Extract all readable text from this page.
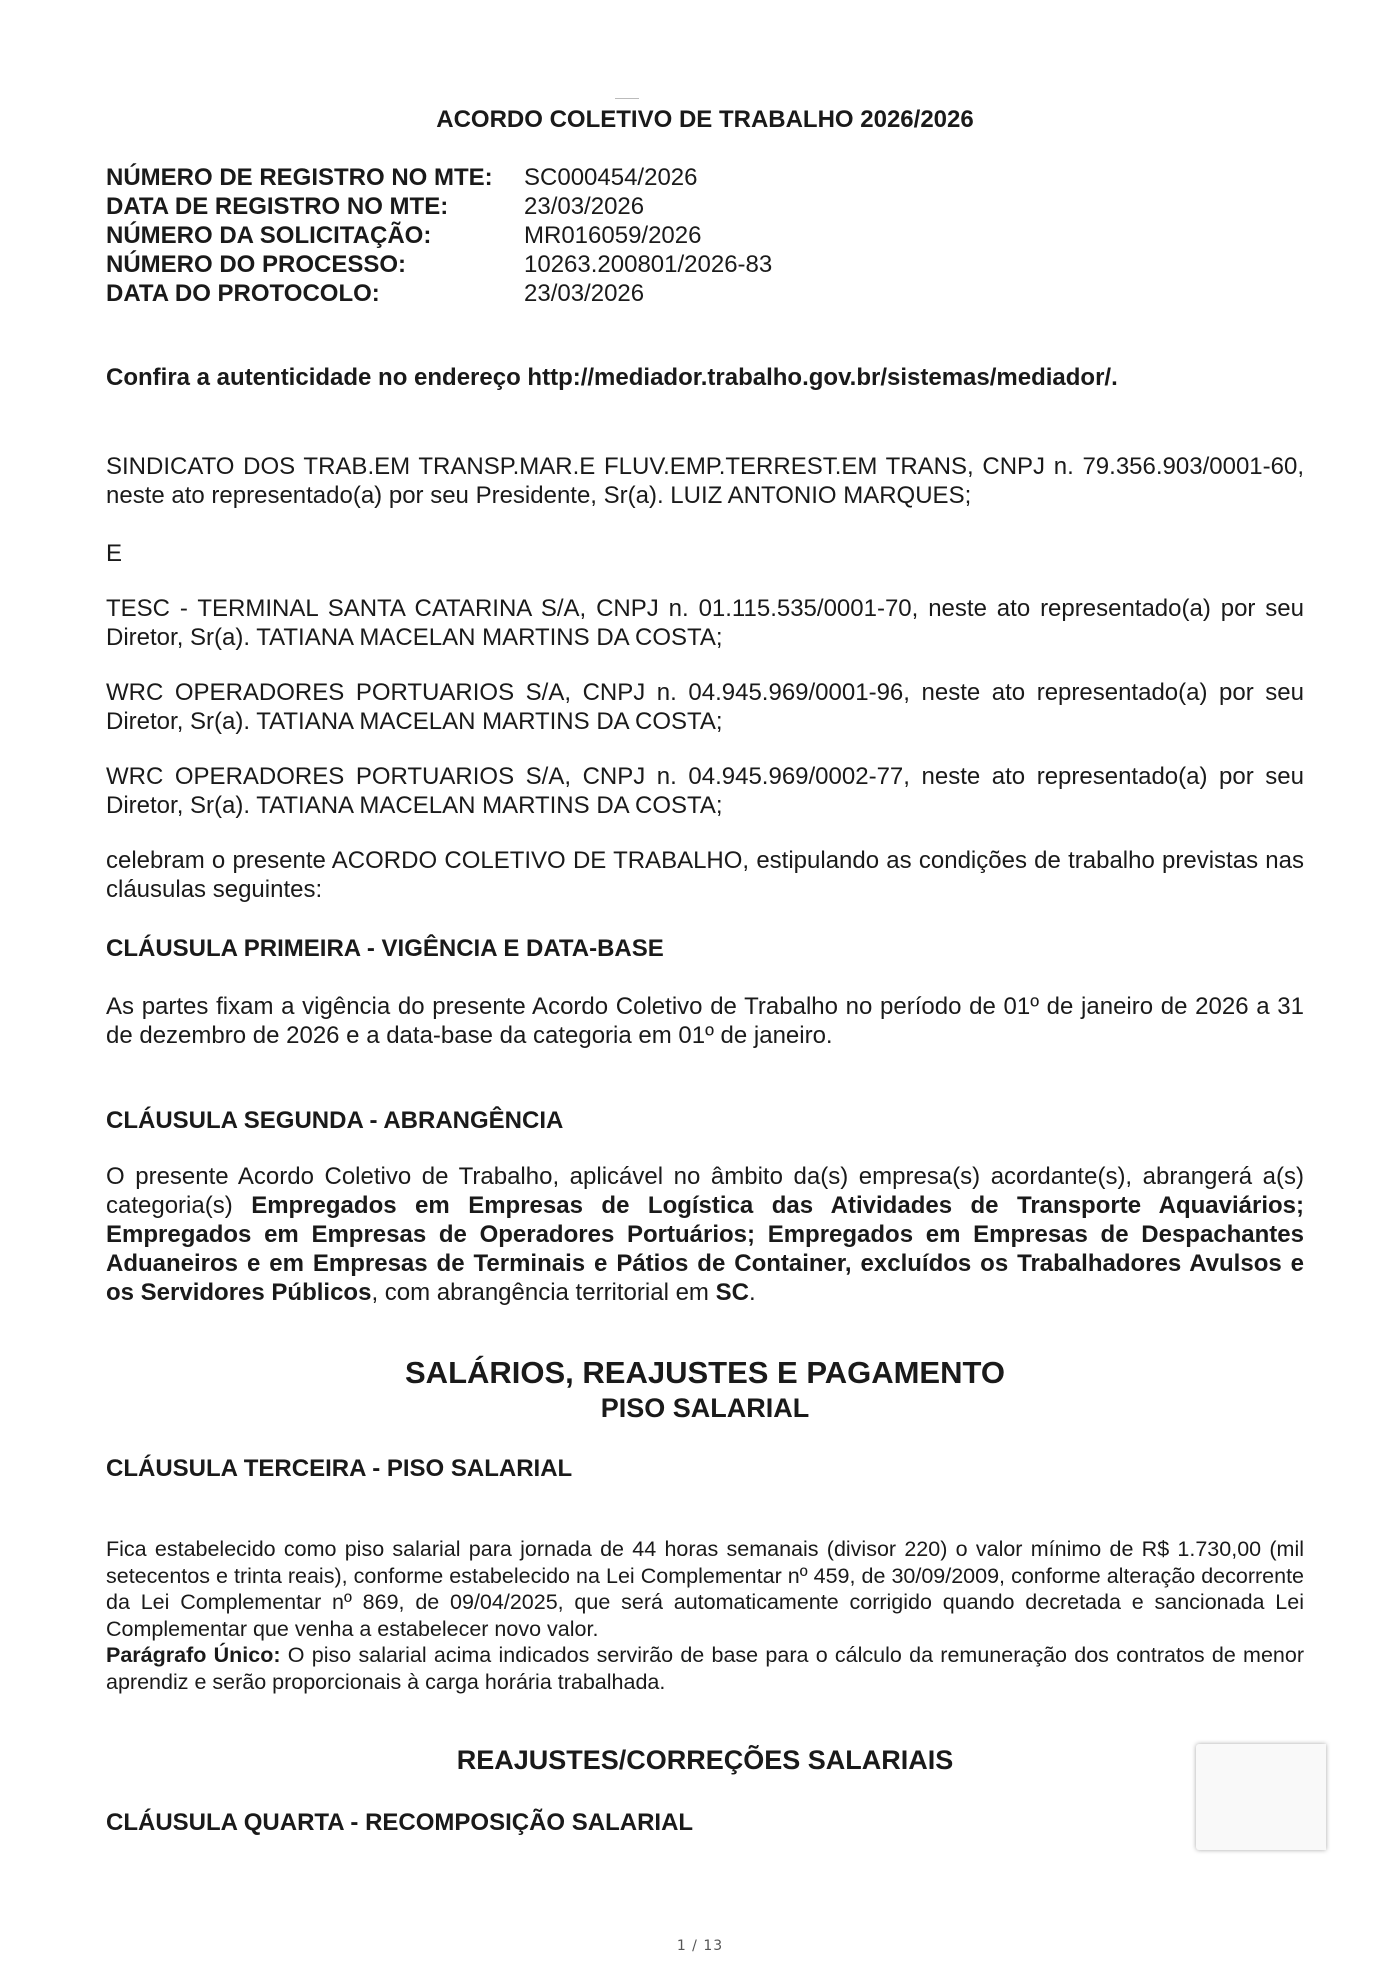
ACORDO COLETIVO DE TRABALHO 2026/2026
NÚMERO DE REGISTRO NO MTE:	SC000454/2026
DATA DE REGISTRO NO MTE:	23/03/2026
NÚMERO DA SOLICITAÇÃO:	MR016059/2026
NÚMERO DO PROCESSO:	10263.200801/2026-83
DATA DO PROTOCOLO:	23/03/2026
Confira a autenticidade no endereço http://mediador.trabalho.gov.br/sistemas/mediador/.
SINDICATO DOS TRAB.EM TRANSP.MAR.E FLUV.EMP.TERREST.EM TRANS, CNPJ n. 79.356.903/0001-60, neste ato representado(a) por seu Presidente, Sr(a). LUIZ ANTONIO MARQUES;
E
TESC - TERMINAL SANTA CATARINA S/A, CNPJ n. 01.115.535/0001-70, neste ato representado(a) por seu Diretor, Sr(a). TATIANA MACELAN MARTINS DA COSTA;
WRC OPERADORES PORTUARIOS S/A, CNPJ n. 04.945.969/0001-96, neste ato representado(a) por seu Diretor, Sr(a). TATIANA MACELAN MARTINS DA COSTA;
WRC OPERADORES PORTUARIOS S/A, CNPJ n. 04.945.969/0002-77, neste ato representado(a) por seu Diretor, Sr(a). TATIANA MACELAN MARTINS DA COSTA;
celebram o presente ACORDO COLETIVO DE TRABALHO, estipulando as condições de trabalho previstas nas cláusulas seguintes:
CLÁUSULA PRIMEIRA - VIGÊNCIA E DATA-BASE
As partes fixam a vigência do presente Acordo Coletivo de Trabalho no período de 01º de janeiro de 2026 a 31 de dezembro de 2026 e a data-base da categoria em 01º de janeiro.
CLÁUSULA SEGUNDA - ABRANGÊNCIA
O presente Acordo Coletivo de Trabalho, aplicável no âmbito da(s) empresa(s) acordante(s), abrangerá a(s) categoria(s) Empregados em Empresas de Logística das Atividades de Transporte Aquaviários; Empregados em Empresas de Operadores Portuários; Empregados em Empresas de Despachantes Aduaneiros e em Empresas de Terminais e Pátios de Container, excluídos os Trabalhadores Avulsos e os Servidores Públicos, com abrangência territorial em SC.
SALÁRIOS, REAJUSTES E PAGAMENTO
PISO SALARIAL
CLÁUSULA TERCEIRA - PISO SALARIAL
Fica estabelecido como piso salarial para jornada de 44 horas semanais (divisor 220) o valor mínimo de R$ 1.730,00 (mil setecentos e trinta reais), conforme estabelecido na Lei Complementar nº 459, de 30/09/2009, conforme alteração decorrente da Lei Complementar nº 869, de 09/04/2025, que será automaticamente corrigido quando decretada e sancionada Lei Complementar que venha a estabelecer novo valor.
Parágrafo Único: O piso salarial acima indicados servirão de base para o cálculo da remuneração dos contratos de menor aprendiz e serão proporcionais à carga horária trabalhada.
REAJUSTES/CORREÇÕES SALARIAIS
CLÁUSULA QUARTA - RECOMPOSIÇÃO SALARIAL
1 / 13
